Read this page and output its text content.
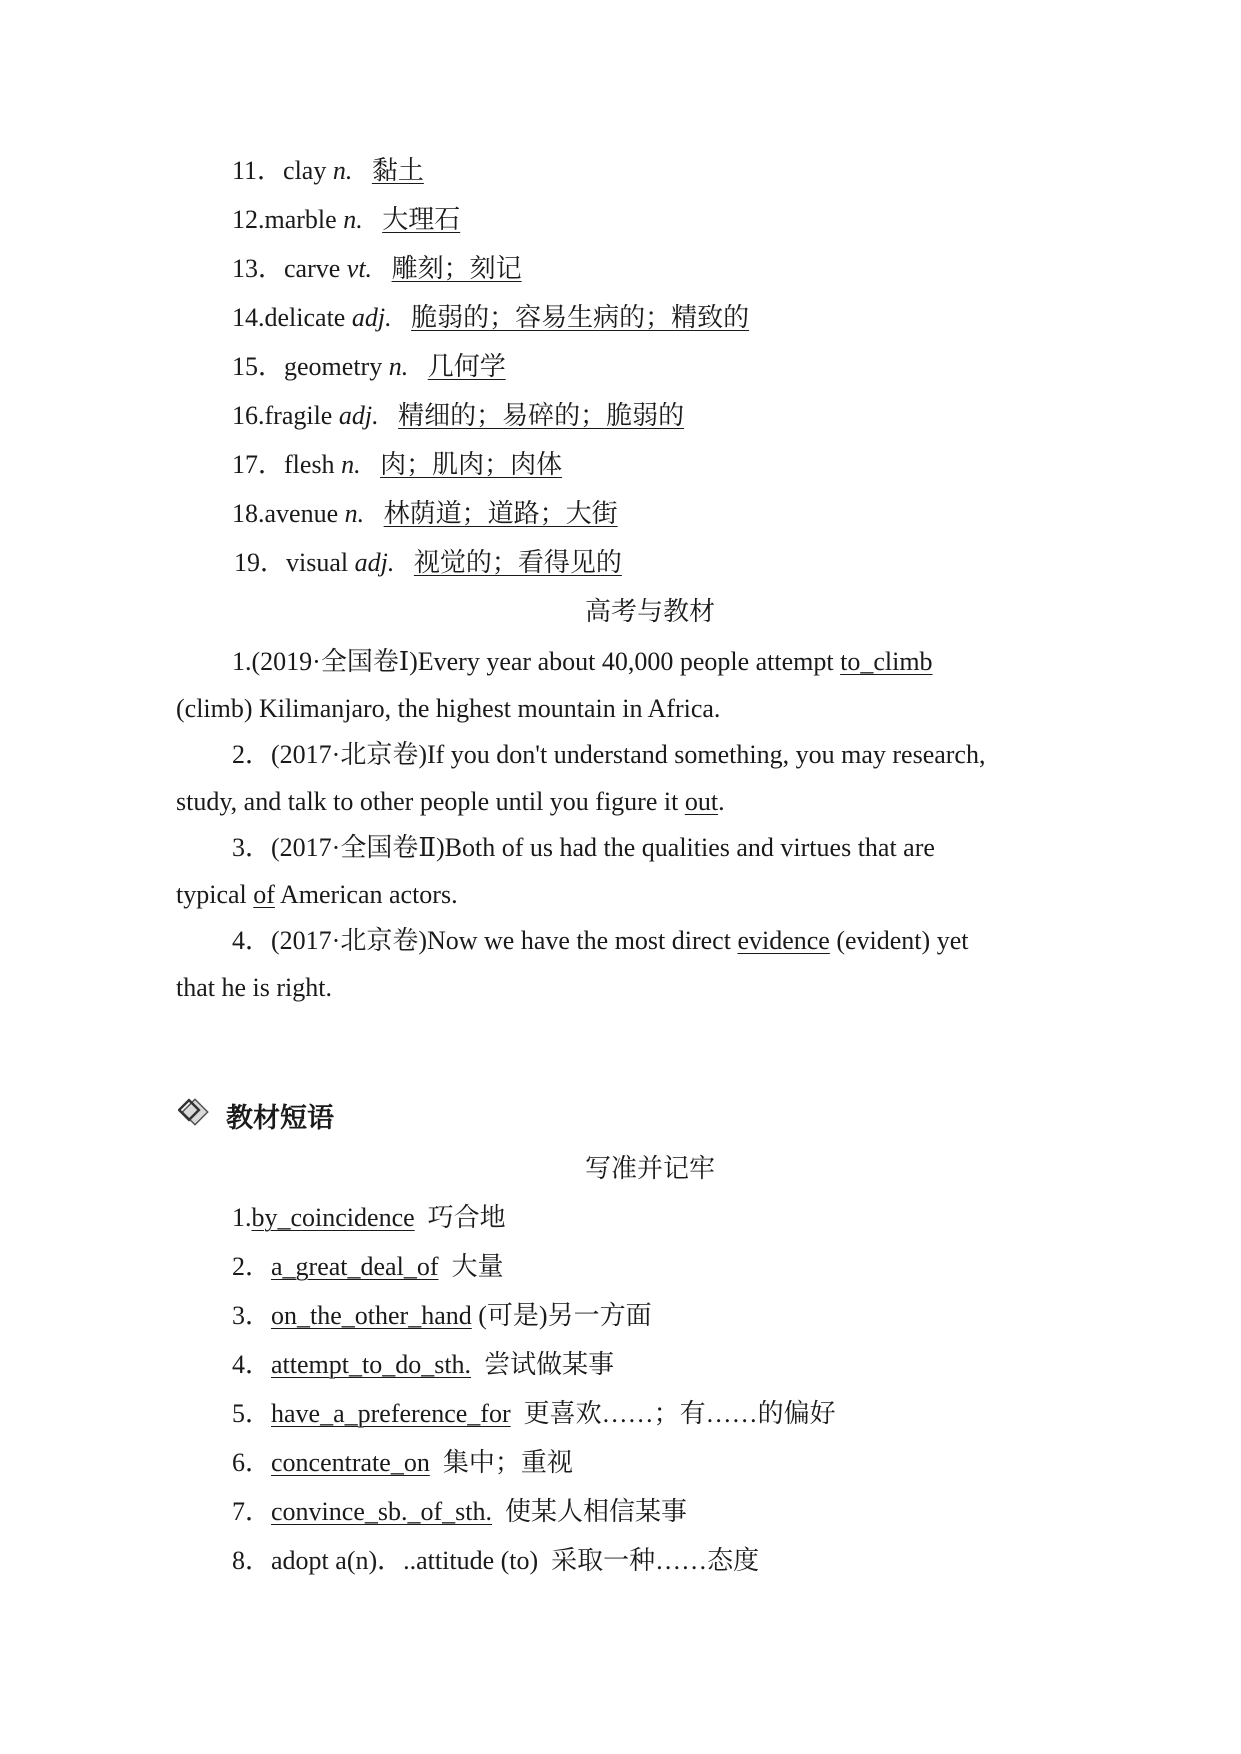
11．clay n. 黏土
12.marble n. 大理石
13．carve vt. 雕刻；刻记
14.delicate adj. 脆弱的；容易生病的；精致的
15．geometry n. 几何学
16.fragile adj. 精细的；易碎的；脆弱的
17．flesh n. 肉；肌肉；肉体
18.avenue n. 林荫道；道路；大街
19．visual adj. 视觉的；看得见的
高考与教材
1.(2019·全国卷Ⅰ)Every year about 40,000 people attempt to_climb
(climb) Kilimanjaro, the highest mountain in Africa.
2．(2017·北京卷)If you don't understand something, you may research,
study, and talk to other people until you figure it out.
3．(2017·全国卷Ⅱ)Both of us had the qualities and virtues that are
typical of American actors.
4．(2017·北京卷)Now we have the most direct evidence (evident) yet
that he is right.
教材短语
写准并记牢
1.by_coincidence 巧合地
2．a_great_deal_of 大量
3．on_the_other_hand (可是)另一方面
4．attempt_to_do_sth. 尝试做某事
5．have_a_preference_for 更喜欢……；有……的偏好
6．concentrate_on 集中；重视
7．convince_sb._of_sth. 使某人相信某事
8．adopt a(n)．..attitude (to) 采取一种……态度
